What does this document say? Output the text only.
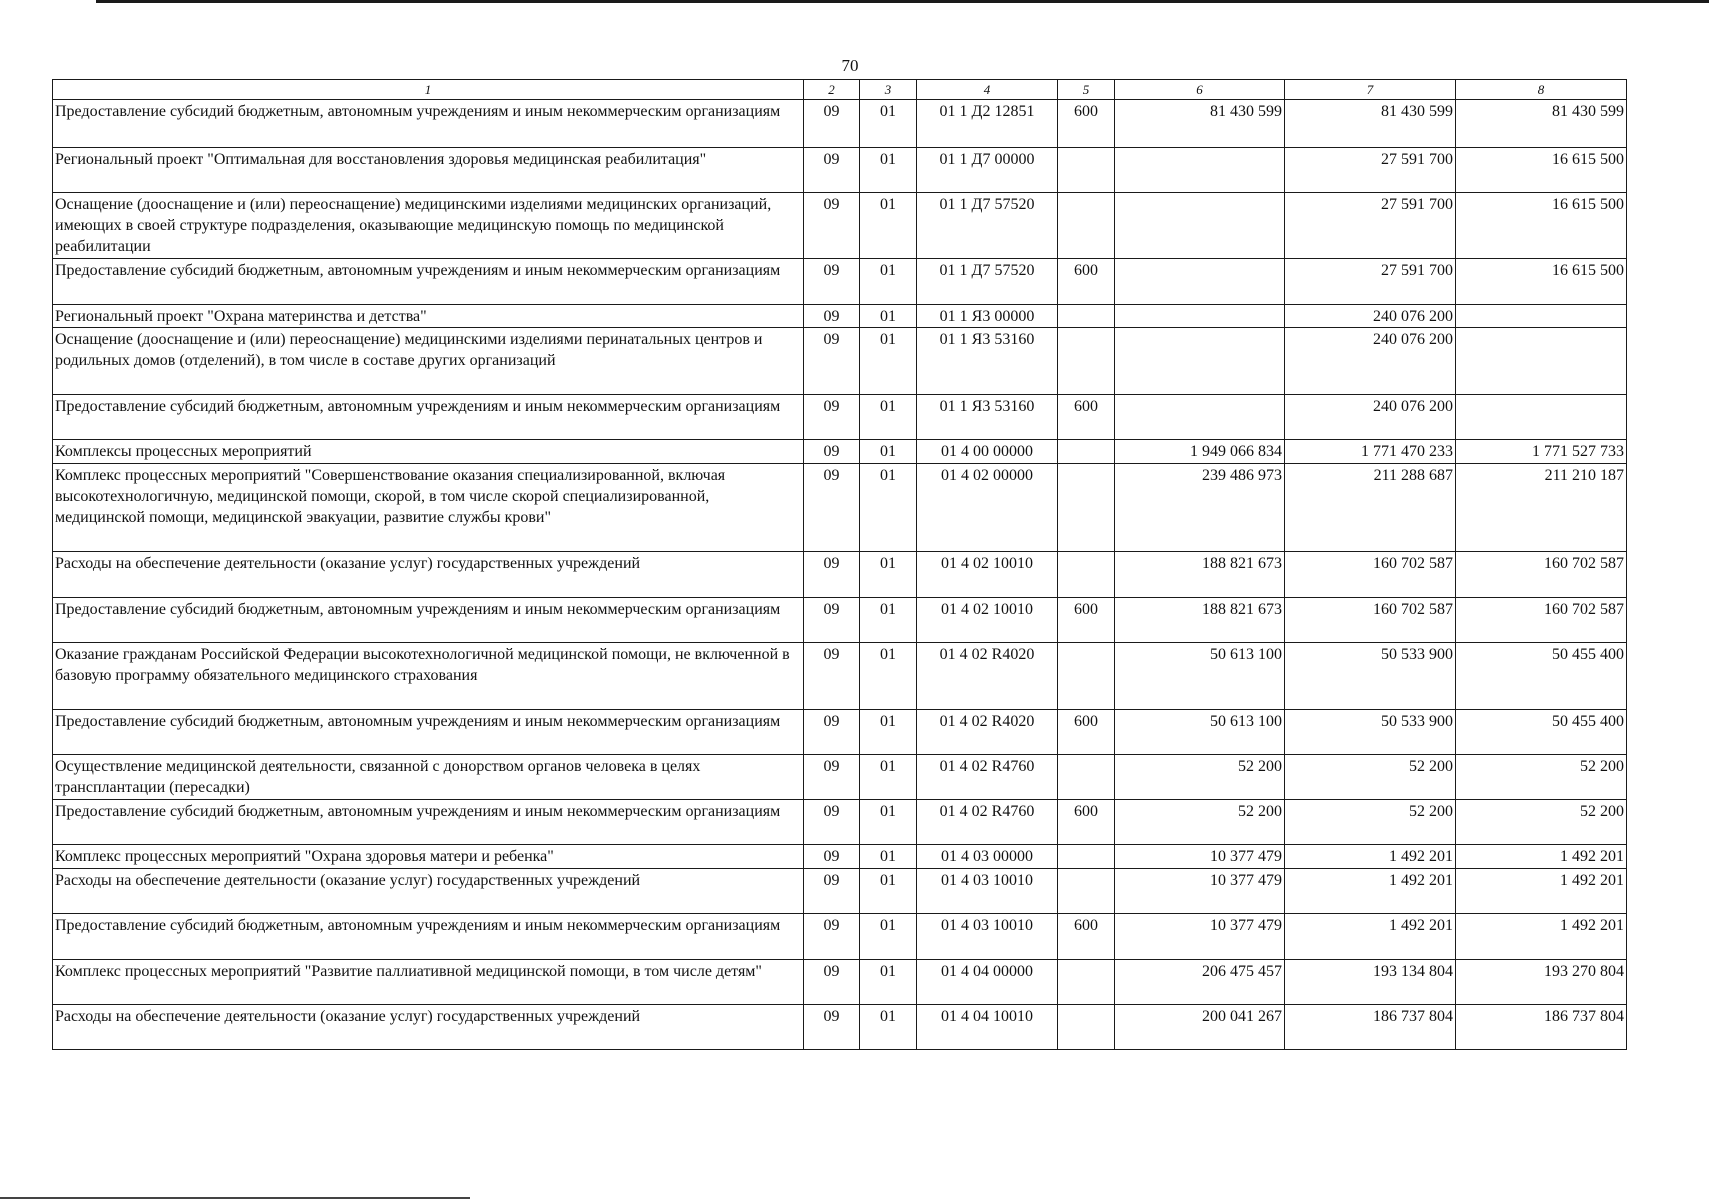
70
1	2	3	4	5	6	7	8
Предоставление субсидий бюджетным, автономным учреждениям и иным некоммерческим организациям	09	01	01 1 Д2 12851	600	81 430 599	81 430 599	81 430 599
Региональный проект "Оптимальная для восстановления здоровья медицинская реабилитация"	09	01	01 1 Д7 00000			27 591 700	16 615 500
Оснащение (дооснащение и (или) переоснащение) медицинскими изделиями медицинских организаций, имеющих в своей структуре подразделения, оказывающие медицинскую помощь по медицинской реабилитации	09	01	01 1 Д7 57520			27 591 700	16 615 500
Предоставление субсидий бюджетным, автономным учреждениям и иным некоммерческим организациям	09	01	01 1 Д7 57520	600		27 591 700	16 615 500
Региональный проект "Охрана материнства и детства"	09	01	01 1 Я3 00000			240 076 200	
Оснащение (дооснащение и (или) переоснащение) медицинскими изделиями перинатальных центров и родильных домов (отделений), в том числе в составе других организаций	09	01	01 1 Я3 53160			240 076 200	
Предоставление субсидий бюджетным, автономным учреждениям и иным некоммерческим организациям	09	01	01 1 Я3 53160	600		240 076 200	
Комплексы процессных мероприятий	09	01	01 4 00 00000		1 949 066 834	1 771 470 233	1 771 527 733
Комплекс процессных мероприятий "Совершенствование оказания специализированной, включая высокотехнологичную, медицинской помощи, скорой, в том числе скорой специализированной, медицинской помощи, медицинской эвакуации, развитие службы крови"	09	01	01 4 02 00000		239 486 973	211 288 687	211 210 187
Расходы на обеспечение деятельности (оказание услуг) государственных учреждений	09	01	01 4 02 10010		188 821 673	160 702 587	160 702 587
Предоставление субсидий бюджетным, автономным учреждениям и иным некоммерческим организациям	09	01	01 4 02 10010	600	188 821 673	160 702 587	160 702 587
Оказание гражданам Российской Федерации высокотехнологичной медицинской помощи, не включенной в базовую программу обязательного медицинского страхования	09	01	01 4 02 R4020		50 613 100	50 533 900	50 455 400
Предоставление субсидий бюджетным, автономным учреждениям и иным некоммерческим организациям	09	01	01 4 02 R4020	600	50 613 100	50 533 900	50 455 400
Осуществление медицинской деятельности, связанной с донорством органов человека в целях трансплантации (пересадки)	09	01	01 4 02 R4760		52 200	52 200	52 200
Предоставление субсидий бюджетным, автономным учреждениям и иным некоммерческим организациям	09	01	01 4 02 R4760	600	52 200	52 200	52 200
Комплекс процессных мероприятий "Охрана здоровья матери и ребенка"	09	01	01 4 03 00000		10 377 479	1 492 201	1 492 201
Расходы на обеспечение деятельности (оказание услуг) государственных учреждений	09	01	01 4 03 10010		10 377 479	1 492 201	1 492 201
Предоставление субсидий бюджетным, автономным учреждениям и иным некоммерческим организациям	09	01	01 4 03 10010	600	10 377 479	1 492 201	1 492 201
Комплекс процессных мероприятий "Развитие паллиативной медицинской помощи, в том числе детям"	09	01	01 4 04 00000		206 475 457	193 134 804	193 270 804
Расходы на обеспечение деятельности (оказание услуг) государственных учреждений	09	01	01 4 04 10010		200 041 267	186 737 804	186 737 804
